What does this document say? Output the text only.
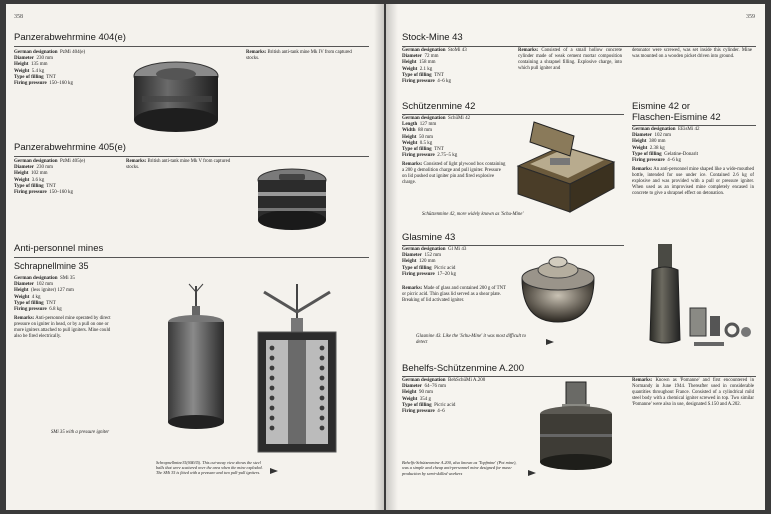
358
Panzerabwehrmine 404(e)
German designation PzMi 404(e)
Diameter 230 mm
Height 135 mm
Weight 5.4 kg
Type of filling TNT
Firing pressure 150–160 kg
Remarks: British anti-tank mine Mk IV from captured stocks.
Panzerabwehrmine 405(e)
German designation PzMi 405(e)
Diameter 230 mm
Height 102 mm
Weight 3.6 kg
Type of filling TNT
Firing pressure 150–160 kg
Remarks: British anti-tank mine Mk V from captured stocks.
Anti-personnel mines
Schrapnellmine 35
German designation SMi 35
Diameter 102 mm
Height (less igniter) 127 mm
Weight 4 kg
Type of filling TNT
Firing pressure 6.8 kg
Remarks: Anti-personnel mine operated by direct pressure on igniter in head, or by a pull on one or more igniters attached to pull igniters. Mine could also be fired electrically.
SMi 35 with a pressure igniter
Schrapnellmine35(SMi35). This cut-away view shows the steel balls that were scattered over the area when the mine exploded. The SMi 35 is fitted with a pressure and two pull-pull igniters.
359
Stock-Mine 43
German designation StoMi 43
Diameter 72 mm
Height 158 mm
Weight 2.1 kg
Type of filling TNT
Firing pressure 4–6 kg
Remarks: Consisted of a small hollow concrete cylinder made of weak cement mortar composition containing a shrapnel filling. Explosive charge, into which pull igniter and
detonator were screwed, was set inside this cylinder. Mine was mounted on a wooden picket driven into ground.
Schützenmine 42
German designation SchüMi 42
Length 127 mm
Width 88 mm
Height 50 mm
Weight 0.5 kg
Type of filling TNT
Firing pressure 2.75–5 kg
Remarks: Consisted of light plywood box containing a 200 g demolition charge and pull igniter. Pressure on lid pushed out igniter pin and fired explosive charge.
Schützenmine 42, more widely known as 'Schu-Mine'
Eismine 42 or
Flaschen-Eismine 42
German designation EEisMi 42
Diameter 102 mm
Height 380 mm
Weight 2.38 kg
Type of filling Gelatine-Donarit
Firing pressure 4–6 kg
Remarks: An anti-personnel mine shaped like a wide-mouthed bottle, intended for use under ice. Contained 2.6 kg of explosive and was provided with a pull or pressure igniter. When used as an improvised mine completely encased in concrete to give a shrapnel effect on detonation.
Glasmine 43
German designation Gl Mi 43
Diameter 152 mm
Height 120 mm
Type of filling Picric acid
Firing pressure 17–20 kg
Remarks: Made of glass and contained 200 g of TNT or picric acid. Thin glass lid served as a shear plate. Breaking of lid activated igniter.
Glasmine 43. Like the 'Schu-Mine' it was most difficult to detect
Behelfs-Schützenmine A.200
German designation BehSchüMi A.200
Diameter 64–76 mm
Height 90 mm
Weight 354 g
Type of filling Picric acid
Firing pressure 4–6
Remarks: Known as 'Pomanne' and first encountered in Normandy in June 1944. Thereafter used in considerable quantities throughout France. Consisted of a cylindrical mild steel body with a chemical igniter screwed in top. Two similar 'Pomanne' were also in use, designated S.150 and A.202.
Behelfs-Schützenmine A.200, also known as 'Topfmine' (Pot mine), was a simple and cheap anti-personnel mine designed for mass-production by semi-skilled workers
